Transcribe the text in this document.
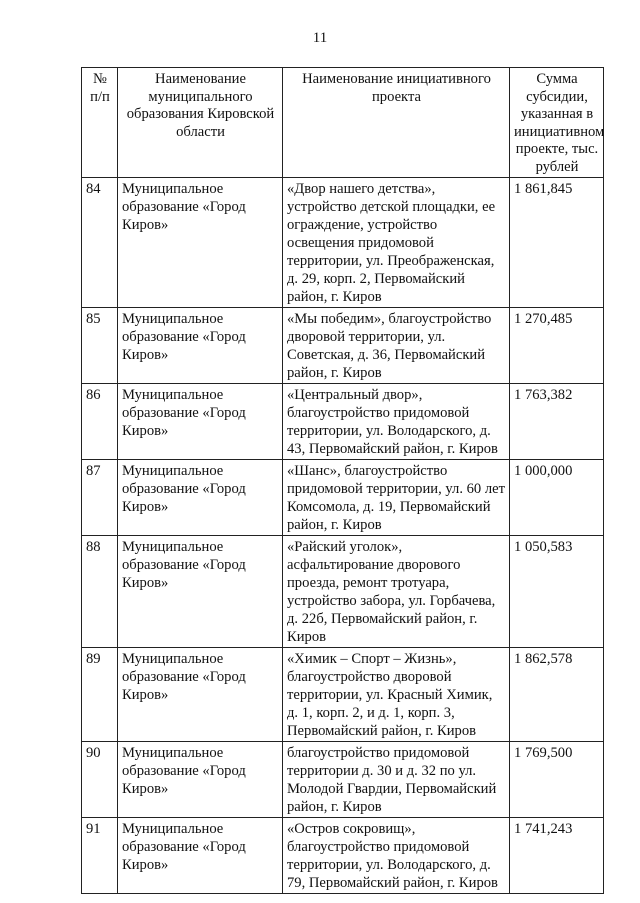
11
№ п/п	Наименование муниципального образования Кировской области	Наименование инициативного проекта	Сумма субсидии, указанная в инициативном проекте, тыс. рублей
84	Муниципальное образование «Город Киров»	«Двор нашего детства», устройство детской площадки, ее ограждение, устройство освещения придомовой территории, ул. Преображенская, д. 29, корп. 2, Первомайский район, г. Киров	1 861,845
85	Муниципальное образование «Город Киров»	«Мы победим», благоустройство дворовой территории, ул. Советская, д. 36, Первомайский район, г. Киров	1 270,485
86	Муниципальное образование «Город Киров»	«Центральный двор», благоустройство придомовой территории, ул. Володарского, д. 43, Первомайский район, г. Киров	1 763,382
87	Муниципальное образование «Город Киров»	«Шанс», благоустройство придомовой территории, ул. 60 лет Комсомола, д. 19, Первомайский район, г. Киров	1 000,000
88	Муниципальное образование «Город Киров»	«Райский уголок», асфальтирование дворового проезда, ремонт тротуара, устройство забора, ул. Горбачева, д. 22б, Первомайский район, г. Киров	1 050,583
89	Муниципальное образование «Город Киров»	«Химик – Спорт – Жизнь», благоустройство дворовой территории, ул. Красный Химик, д. 1, корп. 2, и д. 1, корп. 3, Первомайский район, г. Киров	1 862,578
90	Муниципальное образование «Город Киров»	благоустройство придомовой территории д. 30 и д. 32 по ул. Молодой Гвардии, Первомайский район, г. Киров	1 769,500
91	Муниципальное образование «Город Киров»	«Остров сокровищ», благоустройство придомовой территории, ул. Володарского, д. 79, Первомайский район, г. Киров	1 741,243
